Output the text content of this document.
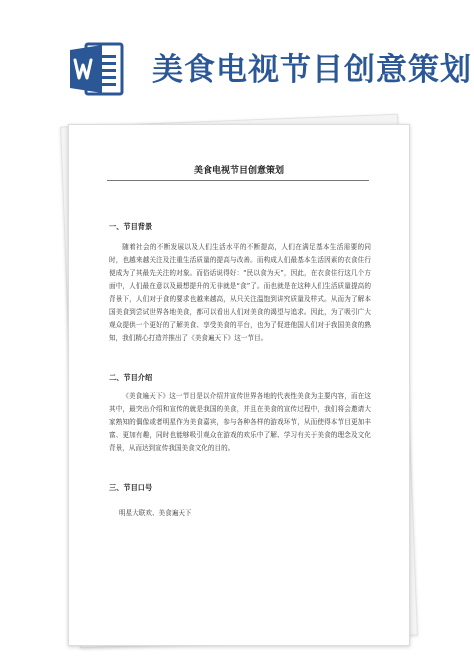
美食电视节目创意策划
美食电视节目创意策划
一、节目背景
随着社会的不断发展以及人们生活水平的不断提高，人们在满足基本生活需要的同时，也越来越关注及注重生活质量的提高与改善。而构成人们最基本生活因素的衣食住行便成为了其最先关注的对象。而俗话说得好：“民以食为天”，因此，在衣食住行这几个方面中，人们最在意以及最想提升的无非就是“食”了。而也就是在这种人们生活质量提高的背景下，人们对于食的要求也越来越高，从只关注温饱到讲究质量及样式。从而为了解本国美食到尝试世界各地美食，都可以看出人们对美食的渴望与追求。因此，为了吸引广大观众提供一个更好的了解美食、享受美食的平台，也为了促进他国人们对于我国美食的熟知，我们精心打造并推出了《美食遍天下》这一节目。
二、节目介绍
《美食遍天下》这一节目是以介绍并宣传世界各地的代表性美食为主要内容，而在这其中，最突出介绍和宣传的就是我国的美食，并且在美食的宣传过程中，我们将会邀请大家熟知的偶像或者明星作为美食嘉宾，参与各种各样的游戏环节，从而使得本节目更加丰富、更加有趣，同时也能够吸引观众在游戏的欢乐中了解、学习有关于美食的理念及文化背景，从而达到宣传我国美食文化的目的。
三、节目口号
明星大联欢、美食遍天下
